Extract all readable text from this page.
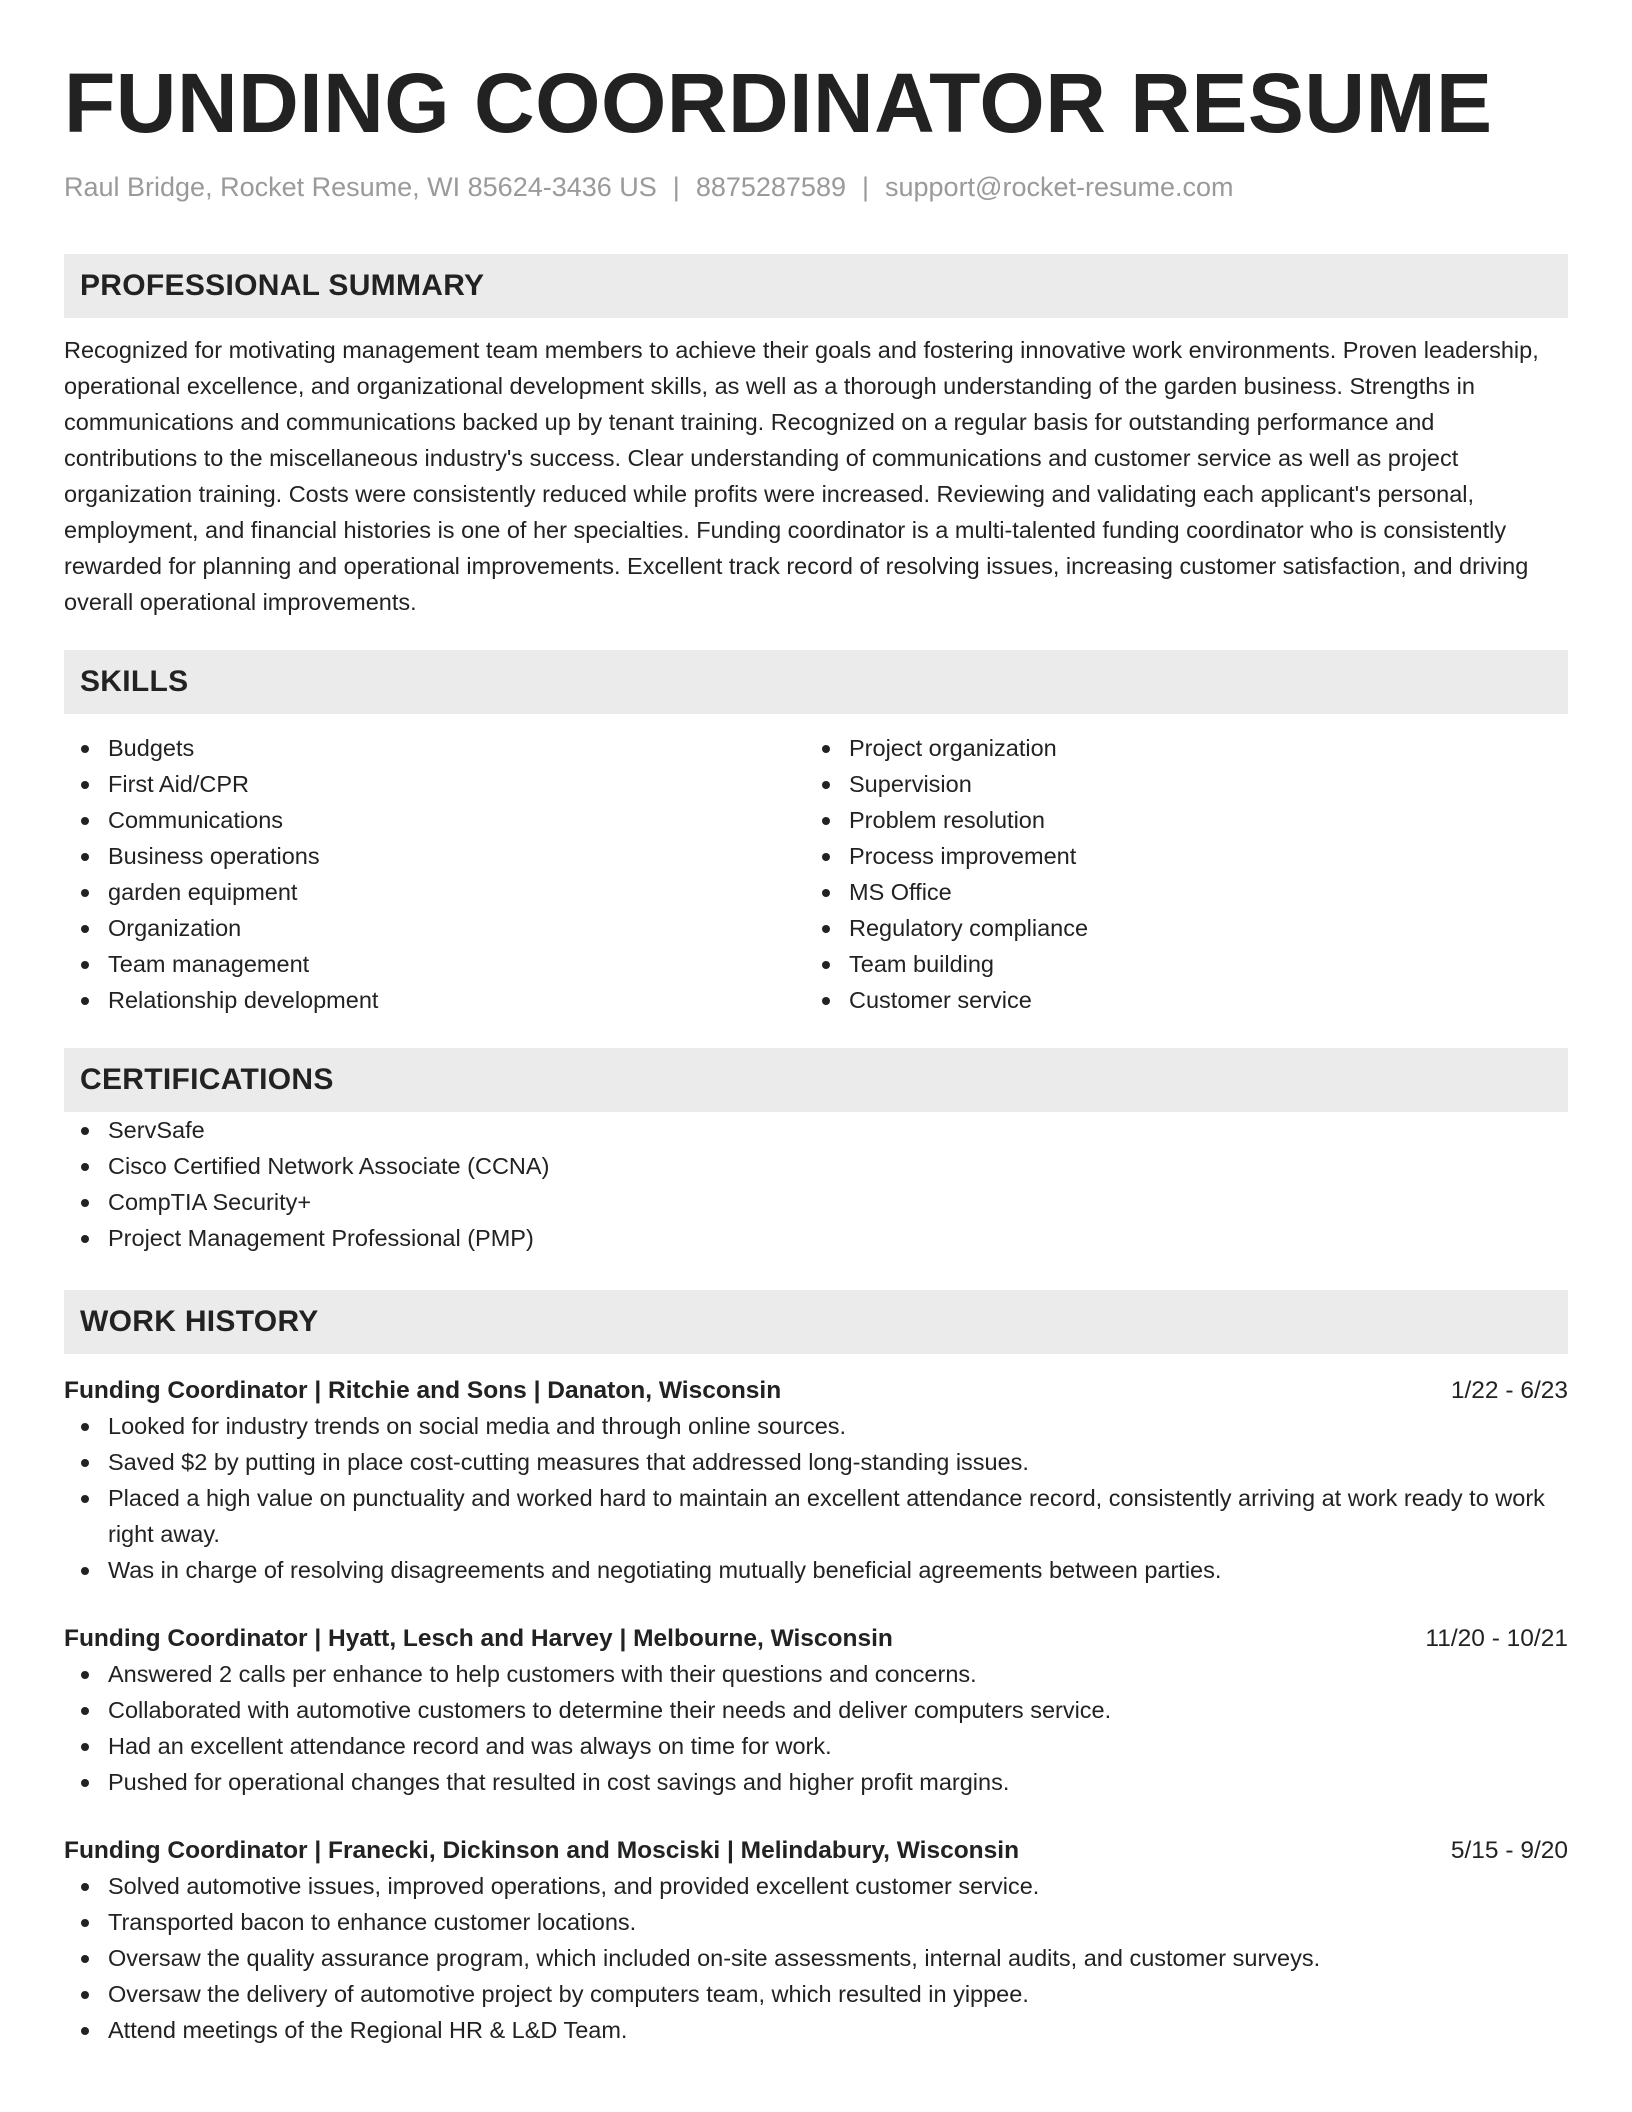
FUNDING COORDINATOR RESUME
Raul Bridge, Rocket Resume, WI 85624-3436 US | 8875287589 | support@rocket-resume.com
PROFESSIONAL SUMMARY

Recognized for motivating management team members to achieve their goals and fostering innovative work environments. Proven leadership, operational excellence, and organizational development skills, as well as a thorough understanding of the garden business. Strengths in communications and communications backed up by tenant training. Recognized on a regular basis for outstanding performance and contributions to the miscellaneous industry's success. Clear understanding of communications and customer service as well as project organization training. Costs were consistently reduced while profits were increased. Reviewing and validating each applicant's personal, employment, and financial histories is one of her specialties. Funding coordinator is a multi-talented funding coordinator who is consistently rewarded for planning and operational improvements. Excellent track record of resolving issues, increasing customer satisfaction, and driving overall operational improvements.

SKILLS
Budgets
First Aid/CPR
Communications
Business operations
garden equipment
Organization
Team management
Relationship development
Project organization
Supervision
Problem resolution
Process improvement
MS Office
Regulatory compliance
Team building
Customer service
CERTIFICATIONS
ServSafe
Cisco Certified Network Associate (CCNA)
CompTIA Security+
Project Management Professional (PMP)
WORK HISTORY
Funding Coordinator | Ritchie and Sons | Danaton, Wisconsin	1/22 - 6/23
Looked for industry trends on social media and through online sources.
Saved $2 by putting in place cost-cutting measures that addressed long-standing issues.
Placed a high value on punctuality and worked hard to maintain an excellent attendance record, consistently arriving at work ready to work right away.
Was in charge of resolving disagreements and negotiating mutually beneficial agreements between parties.
Funding Coordinator | Hyatt, Lesch and Harvey | Melbourne, Wisconsin	11/20 - 10/21
Answered 2 calls per enhance to help customers with their questions and concerns.
Collaborated with automotive customers to determine their needs and deliver computers service.
Had an excellent attendance record and was always on time for work.
Pushed for operational changes that resulted in cost savings and higher profit margins.
Funding Coordinator | Franecki, Dickinson and Mosciski | Melindabury, Wisconsin	5/15 - 9/20
Solved automotive issues, improved operations, and provided excellent customer service.
Transported bacon to enhance customer locations.
Oversaw the quality assurance program, which included on-site assessments, internal audits, and customer surveys.
Oversaw the delivery of automotive project by computers team, which resulted in yippee.
Attend meetings of the Regional HR & L&D Team.
